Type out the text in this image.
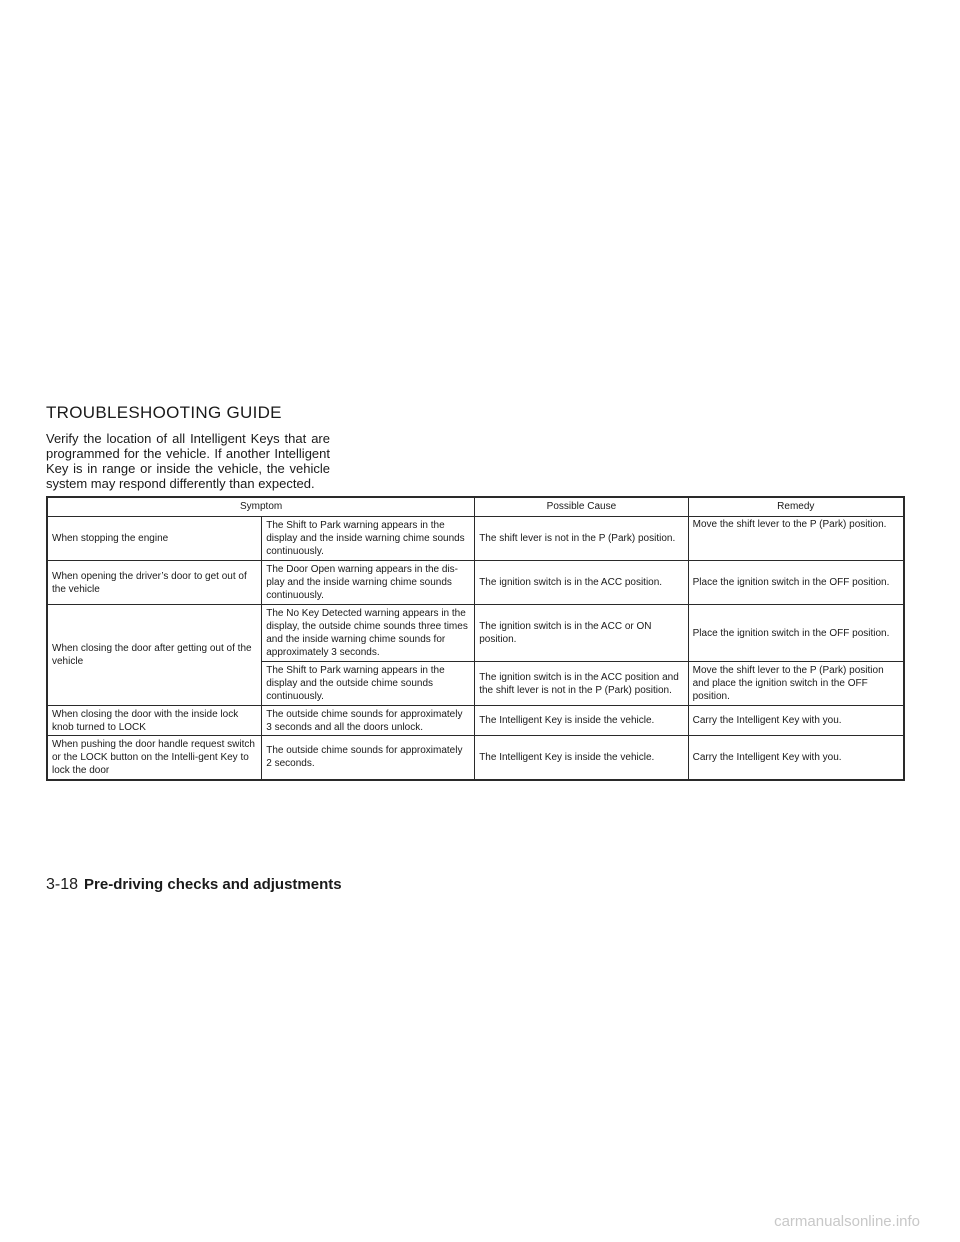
TROUBLESHOOTING GUIDE

Verify the location of all Intelligent Keys that are programmed for the vehicle. If another Intelligent Key is in range or inside the vehicle, the vehicle system may respond differently than expected.

Symptom		Possible Cause	Remedy
When stopping the engine	The Shift to Park warning appears in the display and the inside warning chime sounds continuously.	The shift lever is not in the P (Park) position.	Move the shift lever to the P (Park) position.
When opening the driver’s door to get out of the vehicle	The Door Open warning appears in the dis-play and the inside warning chime sounds continuously.	The ignition switch is in the ACC position.	Place the ignition switch in the OFF position.
When closing the door after getting out of the vehicle	The No Key Detected warning appears in the display, the outside chime sounds three times and the inside warning chime sounds for approximately 3 seconds.	The ignition switch is in the ACC or ON position.	Place the ignition switch in the OFF position.
	The Shift to Park warning appears in the display and the outside chime sounds continuously.	The ignition switch is in the ACC position and the shift lever is not in the P (Park) position.	Move the shift lever to the P (Park) position and place the ignition switch in the OFF position.
When closing the door with the inside lock knob turned to LOCK	The outside chime sounds for approximately 3 seconds and all the doors unlock.	The Intelligent Key is inside the vehicle.	Carry the Intelligent Key with you.
When pushing the door handle request switch or the LOCK button on the Intelli-gent Key to lock the door	The outside chime sounds for approximately 2 seconds.	The Intelligent Key is inside the vehicle.	Carry the Intelligent Key with you.
3-18 Pre-driving checks and adjustments
carmanualsonline.info
